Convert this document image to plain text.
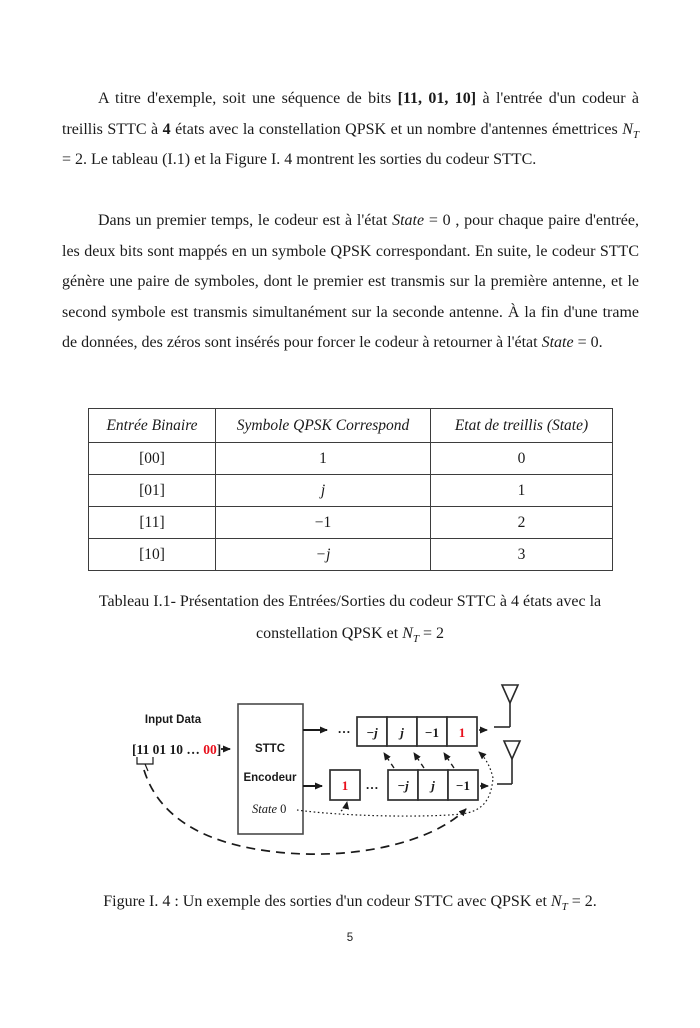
A titre d'exemple, soit une séquence de bits [11, 01, 10] à l'entrée d'un codeur à treillis STTC à 4 états avec la constellation QPSK et un nombre d'antennes émettrices $N_T = 2$. Le tableau (I.1) et la Figure I. 4 montrent les sorties du codeur STTC.

Dans un premier temps, le codeur est à l'état State = 0 , pour chaque paire d'entrée, les deux bits sont mappés en un symbole QPSK correspondant. En suite, le codeur STTC génère une paire de symboles, dont le premier est transmis sur la première antenne, et le second symbole est transmis simultanément sur la seconde antenne. À la fin d'une trame de données, des zéros sont insérés pour forcer le codeur à retourner à l'état State = 0.

Entrée Binaire	Symbole QPSK Correspond	Etat de treillis (State)
[00]	1	0
[01]	j	1
[11]	−1	2
[10]	−j	3
Tableau I.1- Présentation des Entrées/Sorties du codeur STTC à 4 états avec la
constellation QPSK et $N_T = 2$
Input Data
[11 01 10 … 00]	STTC
Encodeur
State 0
… −j j −1 1
1 … −j j −1
Figure I. 4 : Un exemple des sorties d'un codeur STTC avec QPSK et $N_T = 2$.
5
